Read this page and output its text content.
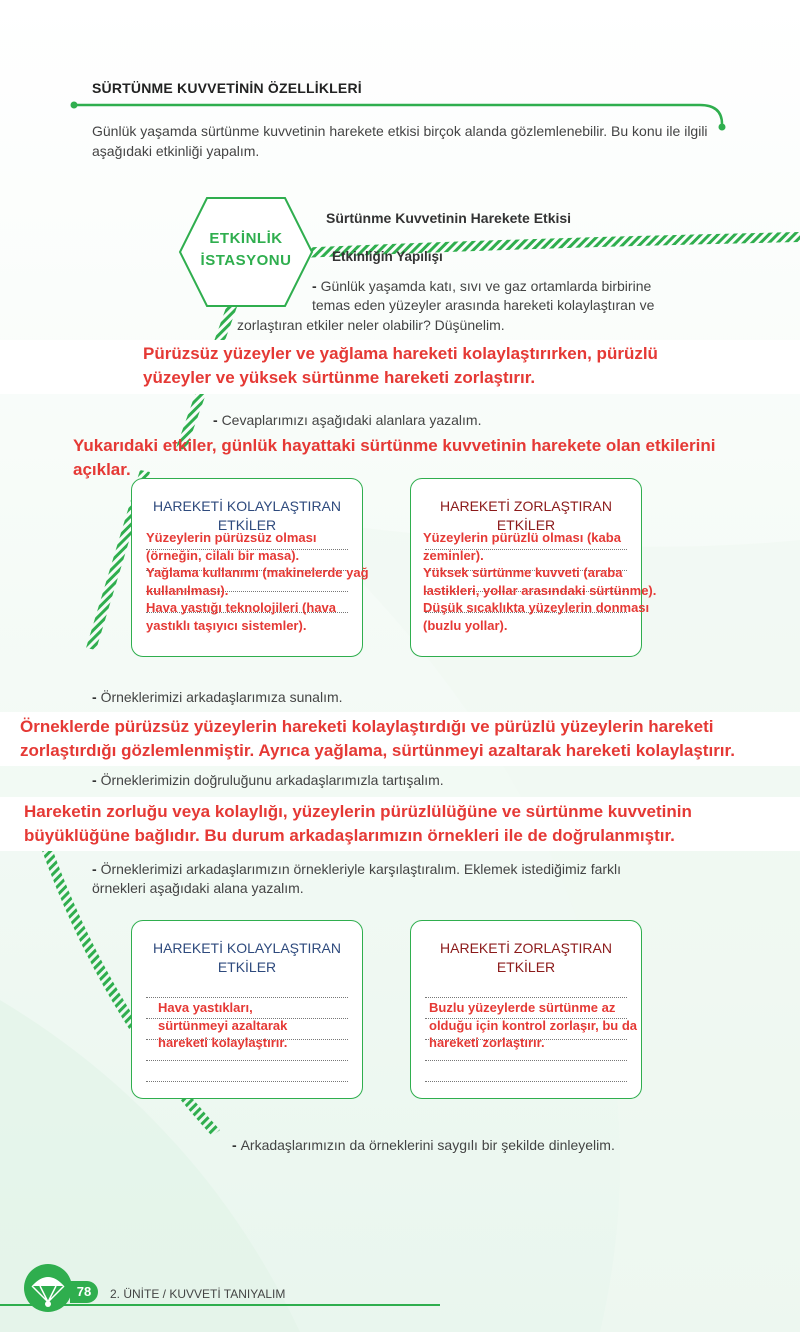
SÜRTÜNME KUVVETİNİN ÖZELLİKLERİ
Günlük yaşamda sürtünme kuvvetinin harekete etkisi birçok alanda gözlemlenebilir. Bu konu ile ilgili aşağıdaki etkinliği yapalım.
ETKİNLİK
İSTASYONU
Sürtünme Kuvvetinin Harekete Etkisi
Etkinliğin Yapılışı
- Günlük yaşamda katı, sıvı ve gaz ortamlarda birbirine
temas eden yüzeyler arasında hareketi kolaylaştıran ve
zorlaştıran etkiler neler olabilir? Düşünelim.
Pürüzsüz yüzeyler ve yağlama hareketi kolaylaştırırken, pürüzlü
yüzeyler ve yüksek sürtünme hareketi zorlaştırır.
- Cevaplarımızı aşağıdaki alanlara yazalım.
Yukarıdaki etkiler, günlük hayattaki sürtünme kuvvetinin harekete olan etkilerini
açıklar.
HAREKETİ KOLAYLAŞTIRAN
ETKİLER
Yüzeylerin pürüzsüz olması
(örneğin, cilalı bir masa).
Yağlama kullanımı (makinelerde yağ
kullanılması).
Hava yastığı teknolojileri (hava
yastıklı taşıyıcı sistemler).
HAREKETİ ZORLAŞTIRAN
ETKİLER
Yüzeylerin pürüzlü olması (kaba
zeminler).
Yüksek sürtünme kuvveti (araba
lastikleri, yollar arasındaki sürtünme).
Düşük sıcaklıkta yüzeylerin donması
(buzlu yollar).
- Örneklerimizi arkadaşlarımıza sunalım.
Örneklerde pürüzsüz yüzeylerin hareketi kolaylaştırdığı ve pürüzlü yüzeylerin hareketi
zorlaştırdığı gözlemlenmiştir. Ayrıca yağlama, sürtünmeyi azaltarak hareketi kolaylaştırır.
- Örneklerimizin doğruluğunu arkadaşlarımızla tartışalım.
Hareketin zorluğu veya kolaylığı, yüzeylerin pürüzlülüğüne ve sürtünme kuvvetinin
büyüklüğüne bağlıdır. Bu durum arkadaşlarımızın örnekleri ile de doğrulanmıştır.
- Örneklerimizi arkadaşlarımızın örnekleriyle karşılaştıralım. Eklemek istediğimiz farklı
örnekleri aşağıdaki alana yazalım.
HAREKETİ KOLAYLAŞTIRAN
ETKİLER
Hava yastıkları,
sürtünmeyi azaltarak
hareketi kolaylaştırır.
HAREKETİ ZORLAŞTIRAN
ETKİLER
Buzlu yüzeylerde sürtünme az
olduğu için kontrol zorlaşır, bu da
hareketi zorlaştırır.
- Arkadaşlarımızın da örneklerini saygılı bir şekilde dinleyelim.
78	2. ÜNİTE / KUVVETİ TANIYALIM
